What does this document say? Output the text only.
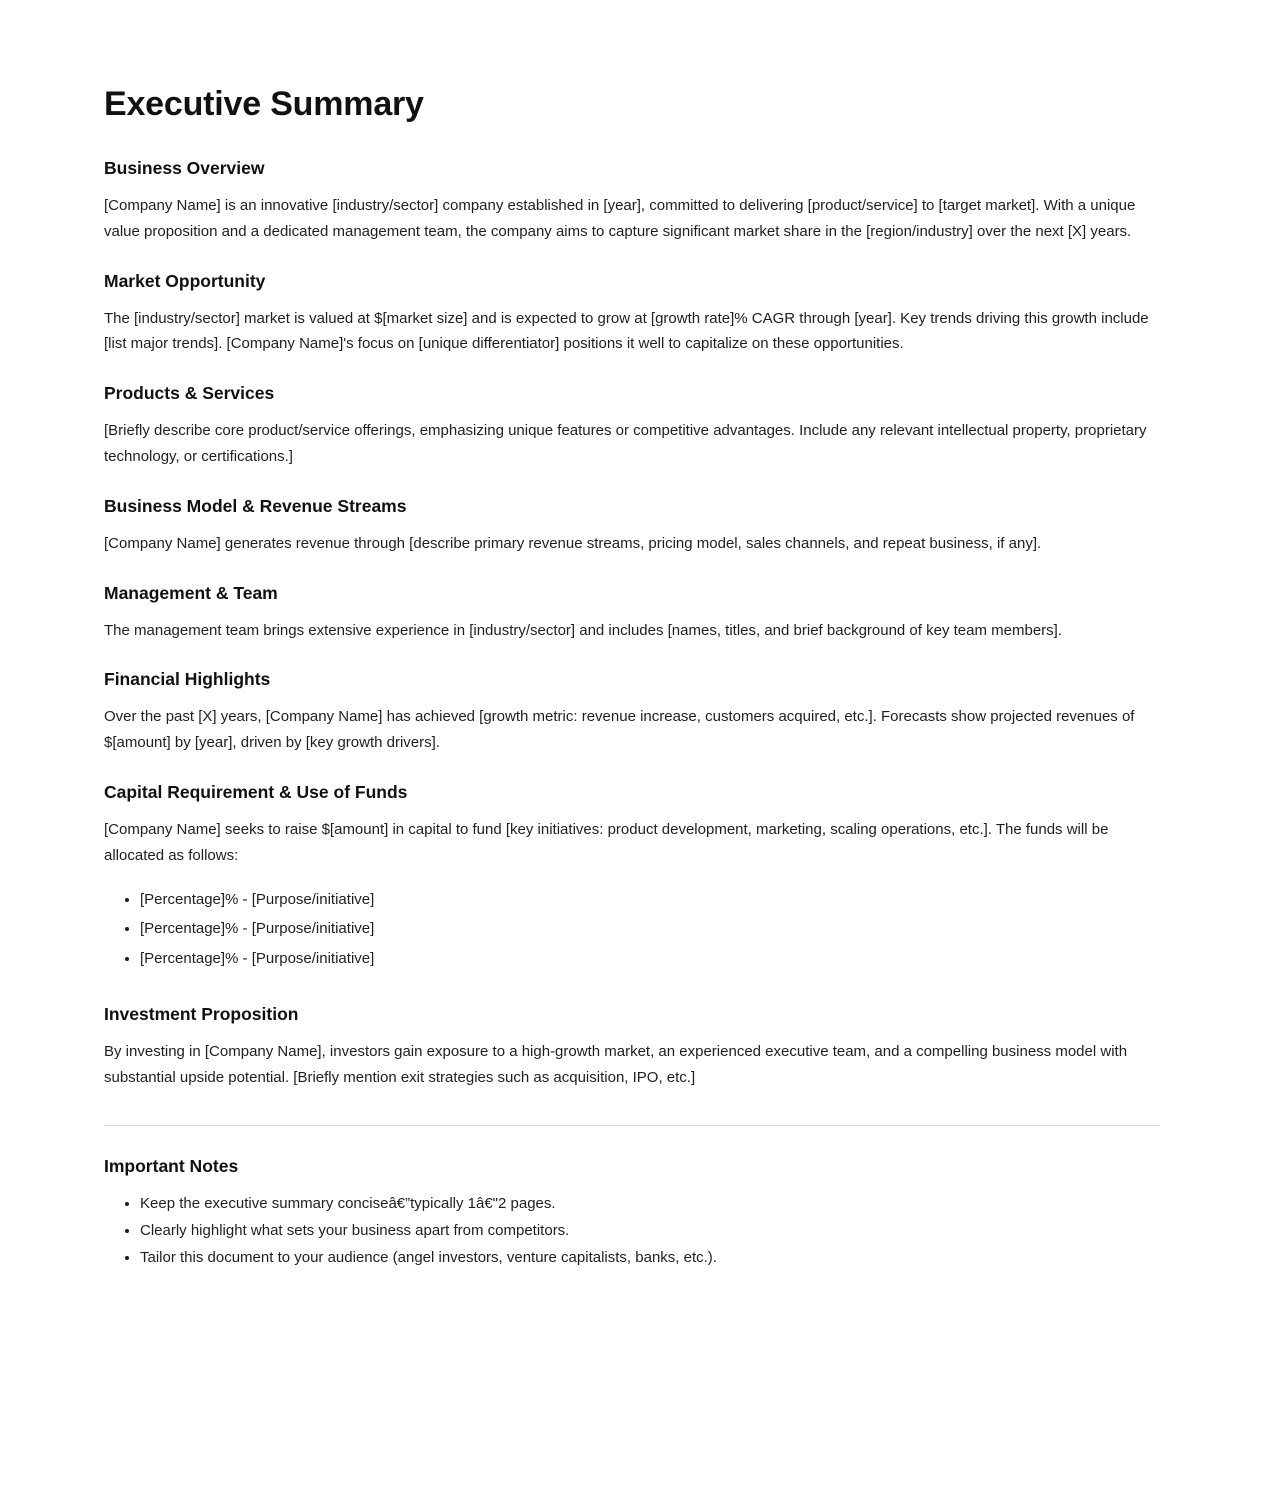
Executive Summary
Business Overview

[Company Name] is an innovative [industry/sector] company established in [year], committed to delivering [product/service] to [target market]. With a unique value proposition and a dedicated management team, the company aims to capture significant market share in the [region/industry] over the next [X] years.

Market Opportunity

The [industry/sector] market is valued at $[market size] and is expected to grow at [growth rate]% CAGR through [year]. Key trends driving this growth include [list major trends]. [Company Name]'s focus on [unique differentiator] positions it well to capitalize on these opportunities.

Products & Services

[Briefly describe core product/service offerings, emphasizing unique features or competitive advantages. Include any relevant intellectual property, proprietary technology, or certifications.]

Business Model & Revenue Streams

[Company Name] generates revenue through [describe primary revenue streams, pricing model, sales channels, and repeat business, if any].

Management & Team

The management team brings extensive experience in [industry/sector] and includes [names, titles, and brief background of key team members].

Financial Highlights

Over the past [X] years, [Company Name] has achieved [growth metric: revenue increase, customers acquired, etc.]. Forecasts show projected revenues of $[amount] by [year], driven by [key growth drivers].

Capital Requirement & Use of Funds

[Company Name] seeks to raise $[amount] in capital to fund [key initiatives: product development, marketing, scaling operations, etc.]. The funds will be allocated as follows:

• [Percentage]% - [Purpose/initiative]
• [Percentage]% - [Purpose/initiative]
• [Percentage]% - [Purpose/initiative]
Investment Proposition

By investing in [Company Name], investors gain exposure to a high-growth market, an experienced executive team, and a compelling business model with substantial upside potential. [Briefly mention exit strategies such as acquisition, IPO, etc.]

Important Notes
• Keep the executive summary conciseâ€”typically 1â€"2 pages.
• Clearly highlight what sets your business apart from competitors.
• Tailor this document to your audience (angel investors, venture capitalists, banks, etc.).
